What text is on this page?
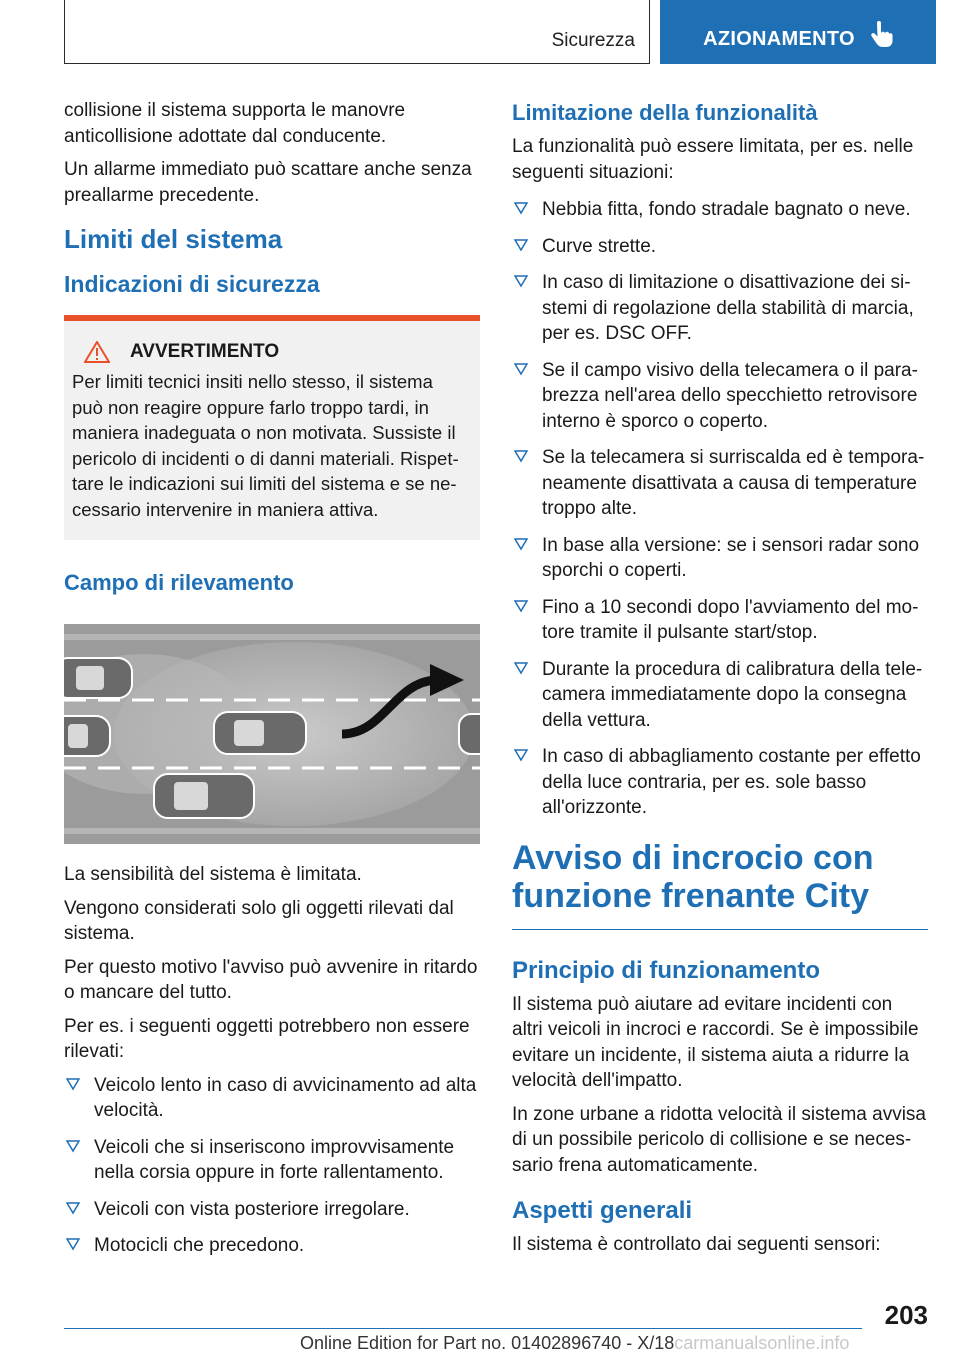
Sicurezza	AZIONAMENTO

collisione il sistema supporta le manovre anticollisione adottate dal conducente.

Un allarme immediato può scattare anche senza preallarme precedente.

Limiti del sistema
Indicazioni di sicurezza
AVVERTIMENTO

Per limiti tecnici insiti nello stesso, il sistema può non reagire oppure farlo troppo tardi, in maniera inadeguata o non motivata. Sussiste il pericolo di incidenti o di danni materiali. Rispettare le indicazioni sui limiti del sistema e se necessario intervenire in maniera attiva.

Campo di rilevamento

La sensibilità del sistema è limitata.

Vengono considerati solo gli oggetti rilevati dal sistema.

Per questo motivo l'avviso può avvenire in ritardo o mancare del tutto.

Per es. i seguenti oggetti potrebbero non essere rilevati:

Veicolo lento in caso di avvicinamento ad alta velocità.
Veicoli che si inseriscono improvvisamente nella corsia oppure in forte rallentamento.
Veicoli con vista posteriore irregolare.
Motocicli che precedono.
Limitazione della funzionalità

La funzionalità può essere limitata, per es. nelle seguenti situazioni:

Nebbia fitta, fondo stradale bagnato o neve.
Curve strette.
In caso di limitazione o disattivazione dei sistemi di regolazione della stabilità di marcia, per es. DSC OFF.
Se il campo visivo della telecamera o il parabrezza nell'area dello specchietto retrovisore interno è sporco o coperto.
Se la telecamera si surriscalda ed è temporaneamente disattivata a causa di temperature troppo alte.
In base alla versione: se i sensori radar sono sporchi o coperti.
Fino a 10 secondi dopo l'avviamento del motore tramite il pulsante start/stop.
Durante la procedura di calibratura della telecamera immediatamente dopo la consegna della vettura.
In caso di abbagliamento costante per effetto della luce contraria, per es. sole basso all'orizzonte.
Avviso di incrocio con funzione frenante City
Principio di funzionamento

Il sistema può aiutare ad evitare incidenti con altri veicoli in incroci e raccordi. Se è impossibile evitare un incidente, il sistema aiuta a ridurre la velocità dell'impatto.

In zone urbane a ridotta velocità il sistema avvisa di un possibile pericolo di collisione e se necessario frena automaticamente.

Aspetti generali

Il sistema è controllato dai seguenti sensori:

203
Online Edition for Part no. 01402896740 - X/18carmanualsonline.info
